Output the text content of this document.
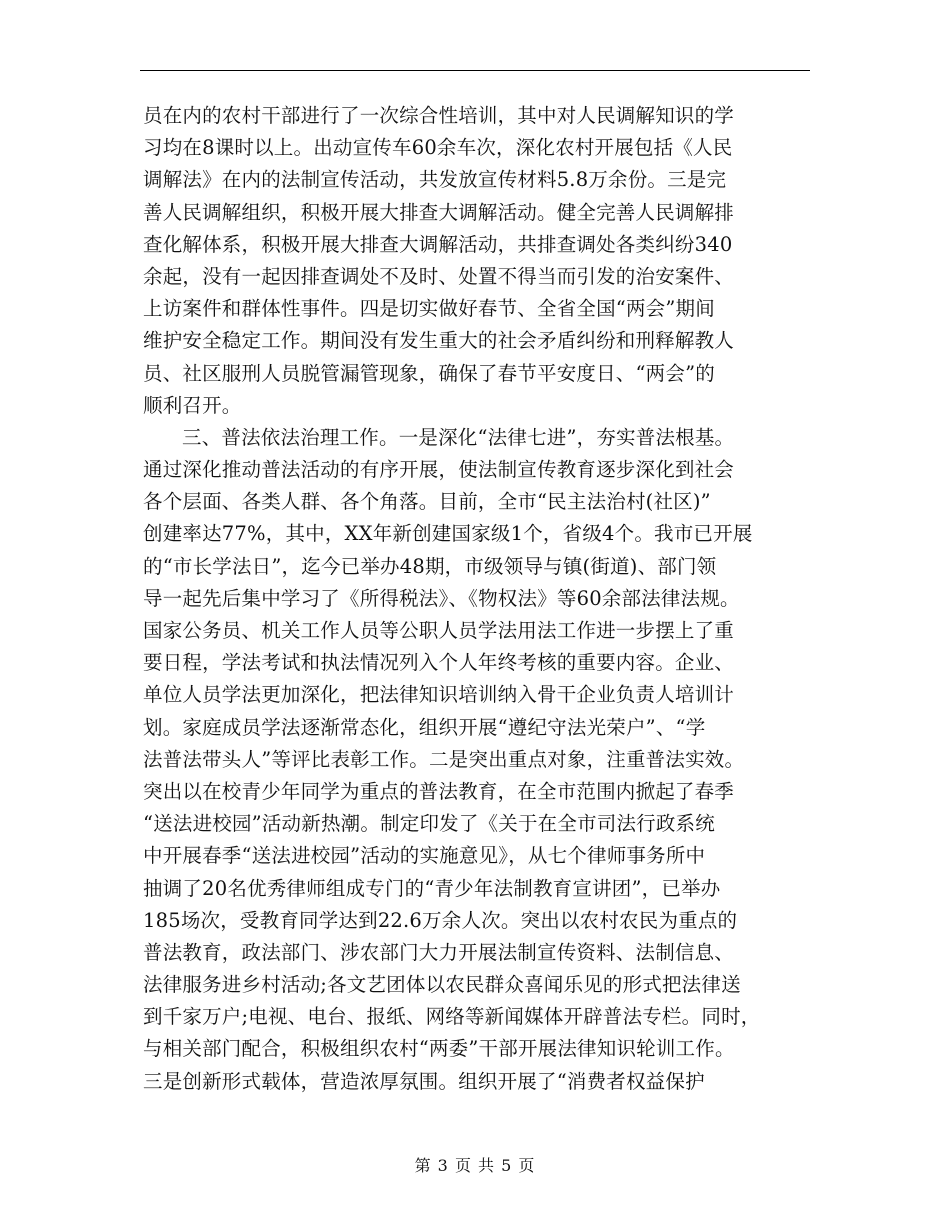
员在内的农村干部进行了一次综合性培训，其中对人民调解知识的学
习均在8课时以上。出动宣传车60余车次，深化农村开展包括《人民
调解法》在内的法制宣传活动，共发放宣传材料5.8万余份。三是完
善人民调解组织，积极开展大排查大调解活动。健全完善人民调解排
查化解体系，积极开展大排查大调解活动，共排查调处各类纠纷340
余起，没有一起因排查调处不及时、处置不得当而引发的治安案件、
上访案件和群体性事件。四是切实做好春节、全省全国“两会”期间
维护安全稳定工作。期间没有发生重大的社会矛盾纠纷和刑释解教人
员、社区服刑人员脱管漏管现象，确保了春节平安度日、“两会”的
顺利召开。
三、普法依法治理工作。一是深化“法律七进”，夯实普法根基。
通过深化推动普法活动的有序开展，使法制宣传教育逐步深化到社会
各个层面、各类人群、各个角落。目前，全市“民主法治村(社区)”
创建率达77%，其中，XX年新创建国家级1个，省级4个。我市已开展
的“市长学法日”，迄今已举办48期，市级领导与镇(街道)、部门领
导一起先后集中学习了《所得税法》、《物权法》等60余部法律法规。
国家公务员、机关工作人员等公职人员学法用法工作进一步摆上了重
要日程，学法考试和执法情况列入个人年终考核的重要内容。企业、
单位人员学法更加深化，把法律知识培训纳入骨干企业负责人培训计
划。家庭成员学法逐渐常态化，组织开展“遵纪守法光荣户”、“学
法普法带头人”等评比表彰工作。二是突出重点对象，注重普法实效。
突出以在校青少年同学为重点的普法教育，在全市范围内掀起了春季
“送法进校园”活动新热潮。制定印发了《关于在全市司法行政系统
中开展春季“送法进校园”活动的实施意见》，从七个律师事务所中
抽调了20名优秀律师组成专门的“青少年法制教育宣讲团”，已举办
185场次，受教育同学达到22.6万余人次。突出以农村农民为重点的
普法教育，政法部门、涉农部门大力开展法制宣传资料、法制信息、
法律服务进乡村活动;各文艺团体以农民群众喜闻乐见的形式把法律送
到千家万户;电视、电台、报纸、网络等新闻媒体开辟普法专栏。同时，
与相关部门配合，积极组织农村“两委”干部开展法律知识轮训工作。
三是创新形式载体，营造浓厚氛围。组织开展了“消费者权益保护
第 3 页 共 5 页
